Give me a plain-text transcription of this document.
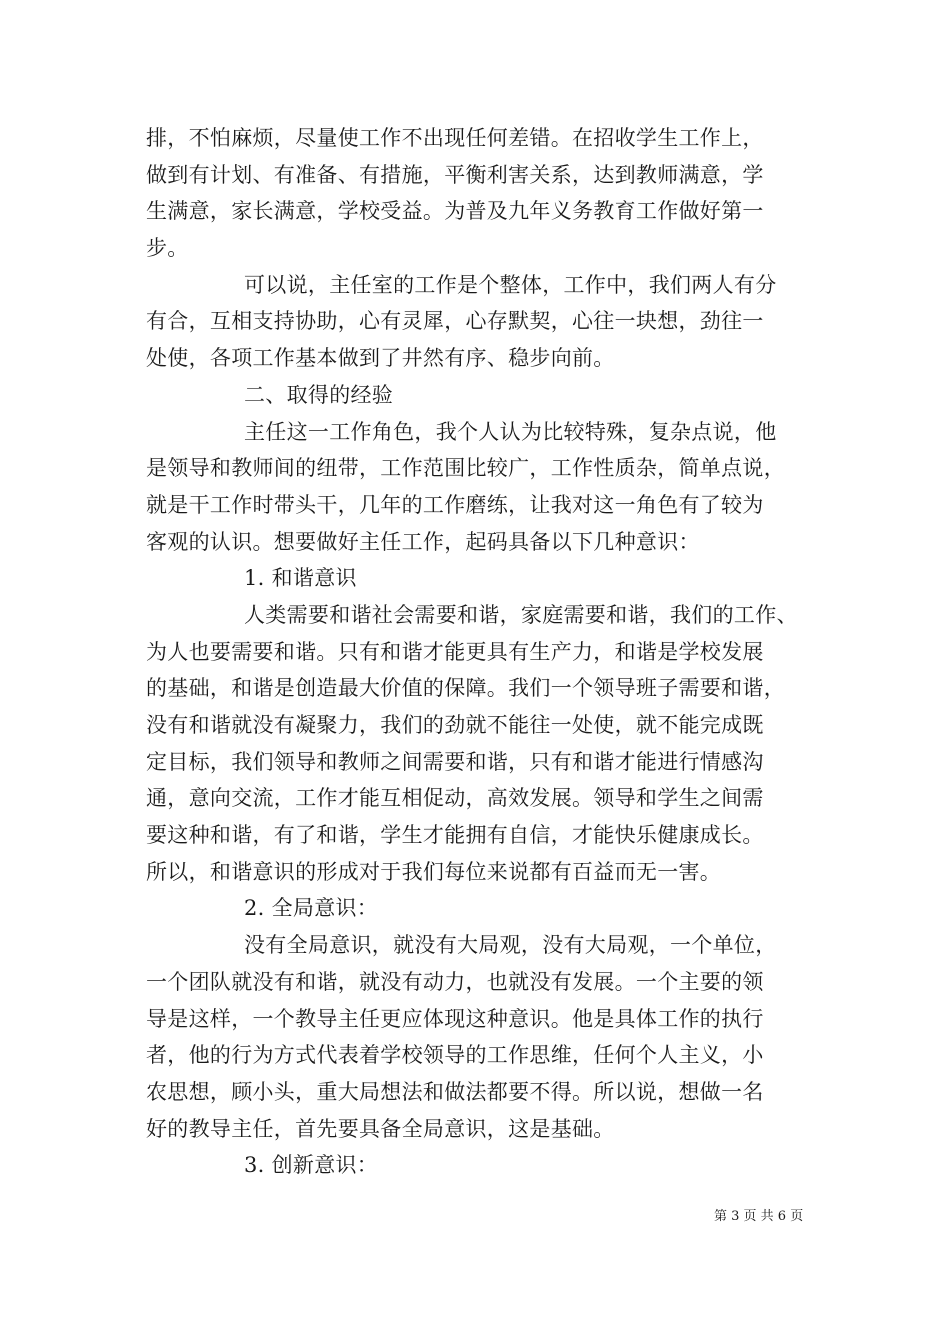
排，不怕麻烦，尽量使工作不出现任何差错。在招收学生工作上，
做到有计划、有准备、有措施，平衡利害关系，达到教师满意，学
生满意，家长满意，学校受益。为普及九年义务教育工作做好第一
步。
可以说，主任室的工作是个整体，工作中，我们两人有分
有合，互相支持协助，心有灵犀，心存默契，心往一块想，劲往一
处使，各项工作基本做到了井然有序、稳步向前。
二、取得的经验
主任这一工作角色，我个人认为比较特殊，复杂点说，他
是领导和教师间的纽带，工作范围比较广，工作性质杂，简单点说，
就是干工作时带头干，几年的工作磨练，让我对这一角色有了较为
客观的认识。想要做好主任工作，起码具备以下几种意识：
1. 和谐意识
人类需要和谐社会需要和谐，家庭需要和谐，我们的工作、
为人也要需要和谐。只有和谐才能更具有生产力，和谐是学校发展
的基础，和谐是创造最大价值的保障。我们一个领导班子需要和谐，
没有和谐就没有凝聚力，我们的劲就不能往一处使，就不能完成既
定目标，我们领导和教师之间需要和谐，只有和谐才能进行情感沟
通，意向交流，工作才能互相促动，高效发展。领导和学生之间需
要这种和谐，有了和谐，学生才能拥有自信，才能快乐健康成长。
所以，和谐意识的形成对于我们每位来说都有百益而无一害。
2. 全局意识：
没有全局意识，就没有大局观，没有大局观，一个单位，
一个团队就没有和谐，就没有动力，也就没有发展。一个主要的领
导是这样，一个教导主任更应体现这种意识。他是具体工作的执行
者，他的行为方式代表着学校领导的工作思维，任何个人主义，小
农思想，顾小头，重大局想法和做法都要不得。所以说，想做一名
好的教导主任，首先要具备全局意识，这是基础。
3. 创新意识：
第 3 页 共 6 页
